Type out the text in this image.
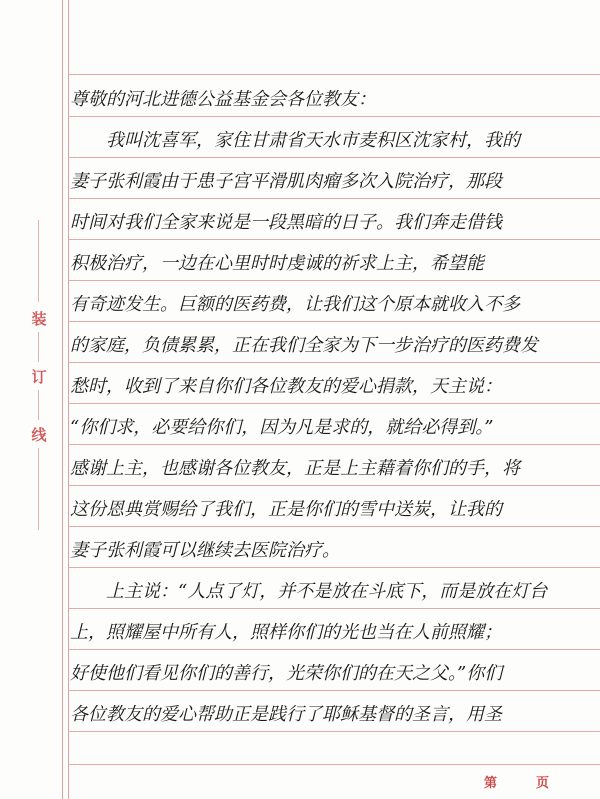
装
订
线
尊敬的河北进德公益基金会各位教友：
　　我叫沈喜军，家住甘肃省天水市麦积区沈家村，我的
妻子张利霞由于患子宫平滑肌肉瘤多次入院治疗，那段
时间对我们全家来说是一段黑暗的日子。我们奔走借钱
积极治疗，一边在心里时时虔诚的祈求上主，希望能
有奇迹发生。巨额的医药费，让我们这个原本就收入不多
的家庭，负债累累，正在我们全家为下一步治疗的医药费发
愁时，收到了来自你们各位教友的爱心捐款，天主说：
“你们求，必要给你们，因为凡是求的，就给必得到。”
感谢上主，也感谢各位教友，正是上主藉着你们的手，将
这份恩典赏赐给了我们，正是你们的雪中送炭，让我的
妻子张利霞可以继续去医院治疗。
　　上主说：“人点了灯，并不是放在斗底下，而是放在灯台
上，照耀屋中所有人，照样你们的光也当在人前照耀；
好使他们看见你们的善行，光荣你们的在天之父。”你们
各位教友的爱心帮助正是践行了耶稣基督的圣言，用圣
第	页
